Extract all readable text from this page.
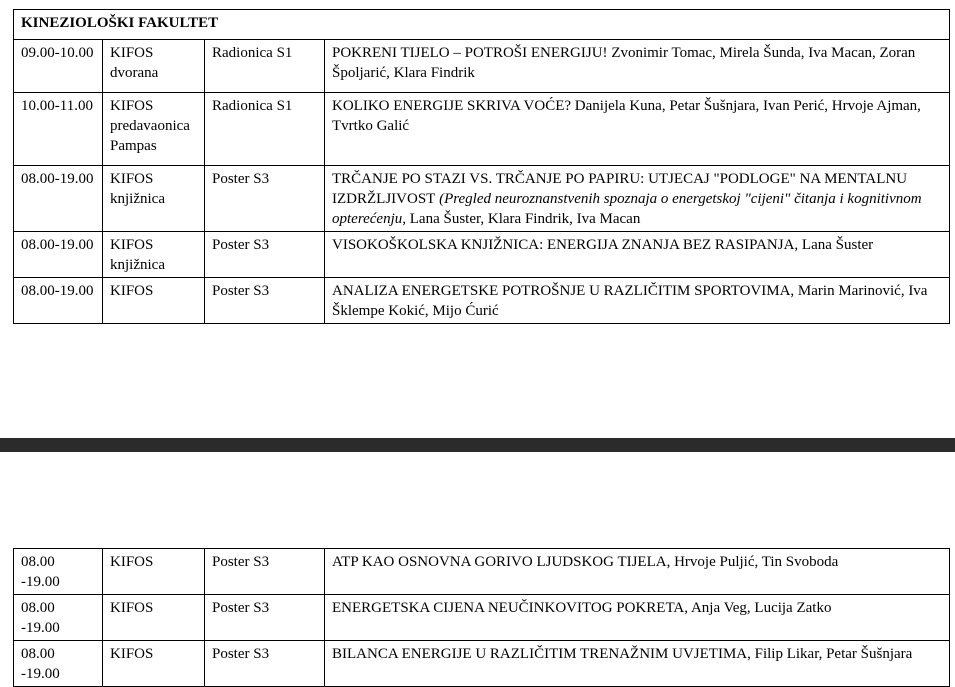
KINEZIOLOŠKI FAKULTET			
09.00-10.00	KIFOS dvorana	Radionica S1	POKRENI TIJELO – POTROŠI ENERGIJU! Zvonimir Tomac, Mirela Šunda, Iva Macan, Zoran Špoljarić, Klara Findrik
10.00-11.00	KIFOS predavaonica Pampas	Radionica S1	KOLIKO ENERGIJE SKRIVA VOĆE? Danijela Kuna, Petar Šušnjara, Ivan Perić, Hrvoje Ajman, Tvrtko Galić
08.00-19.00	KIFOS knjižnica	Poster S3	TRČANJE PO STAZI VS. TRČANJE PO PAPIRU: UTJECAJ "PODLOGE" NA MENTALNU IZDRŽLJIVOST (Pregled neuroznanstvenih spoznaja o energetskoj "cijeni" čitanja i kognitivnom opterećenju, Lana Šuster, Klara Findrik, Iva Macan
08.00-19.00	KIFOS knjižnica	Poster S3	VISOKOŠKOLSKA KNJIŽNICA: ENERGIJA ZNANJA BEZ RASIPANJA, Lana Šuster
08.00-19.00	KIFOS	Poster S3	ANALIZA ENERGETSKE POTROŠNJE U RAZLIČITIM SPORTOVIMA, Marin Marinović, Iva Šklempe Kokić, Mijo Ćurić
08.00 -19.00	KIFOS	Poster S3	ATP KAO OSNOVNA GORIVO LJUDSKOG TIJELA, Hrvoje Puljić, Tin Svoboda
08.00 -19.00	KIFOS	Poster S3	ENERGETSKA CIJENA NEUČINKOVITOG POKRETA, Anja Veg, Lucija Zatko
08.00 -19.00	KIFOS	Poster S3	BILANCA ENERGIJE U RAZLIČITIM TRENAŽNIM UVJETIMA, Filip Likar, Petar Šušnjara
